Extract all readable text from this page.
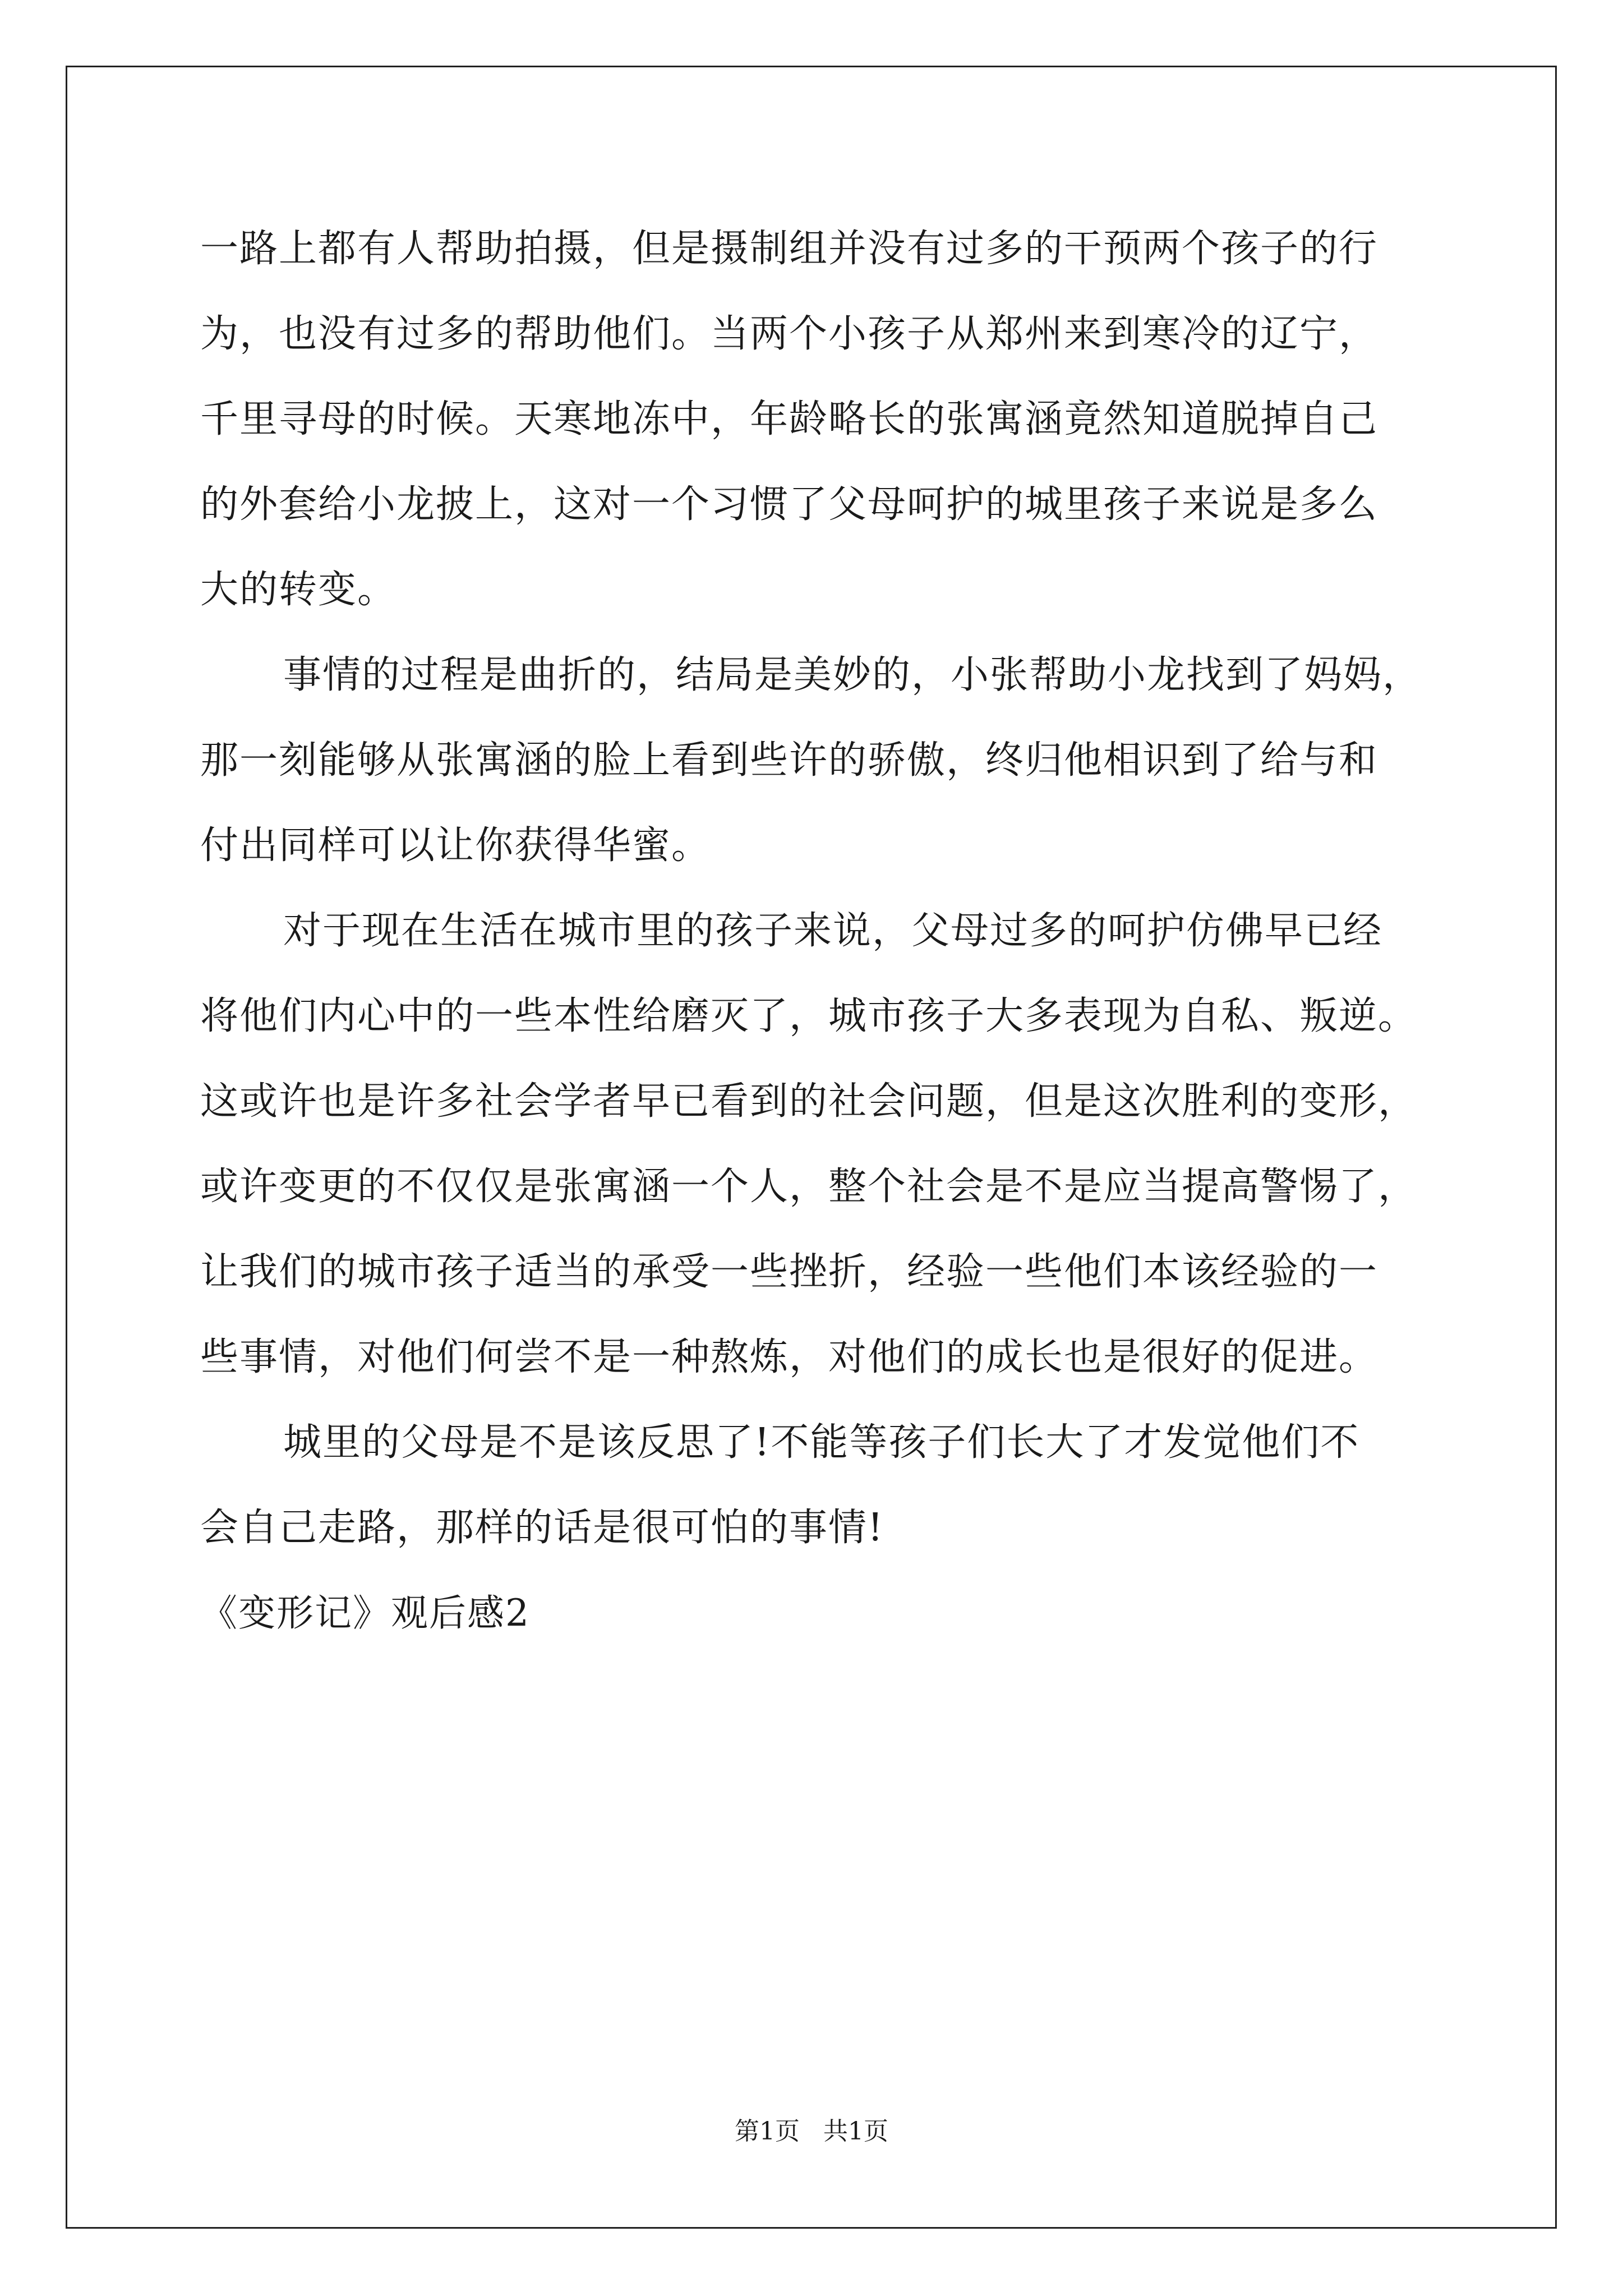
一路上都有人帮助拍摄，但是摄制组并没有过多的干预两个孩子的行
为，也没有过多的帮助他们。当两个小孩子从郑州来到寒冷的辽宁，
千里寻母的时候。天寒地冻中，年龄略长的张寓涵竟然知道脱掉自己
的外套给小龙披上，这对一个习惯了父母呵护的城里孩子来说是多么
大的转变。
事情的过程是曲折的，结局是美妙的，小张帮助小龙找到了妈妈，
那一刻能够从张寓涵的脸上看到些许的骄傲，终归他相识到了给与和
付出同样可以让你获得华蜜。
对于现在生活在城市里的孩子来说，父母过多的呵护仿佛早已经
将他们内心中的一些本性给磨灭了，城市孩子大多表现为自私、叛逆。
这或许也是许多社会学者早已看到的社会问题，但是这次胜利的变形，
或许变更的不仅仅是张寓涵一个人，整个社会是不是应当提高警惕了，
让我们的城市孩子适当的承受一些挫折，经验一些他们本该经验的一
些事情，对他们何尝不是一种熬炼，对他们的成长也是很好的促进。
城里的父母是不是该反思了!不能等孩子们长大了才发觉他们不
会自己走路，那样的话是很可怕的事情!
《变形记》观后感2
第1页 共1页
